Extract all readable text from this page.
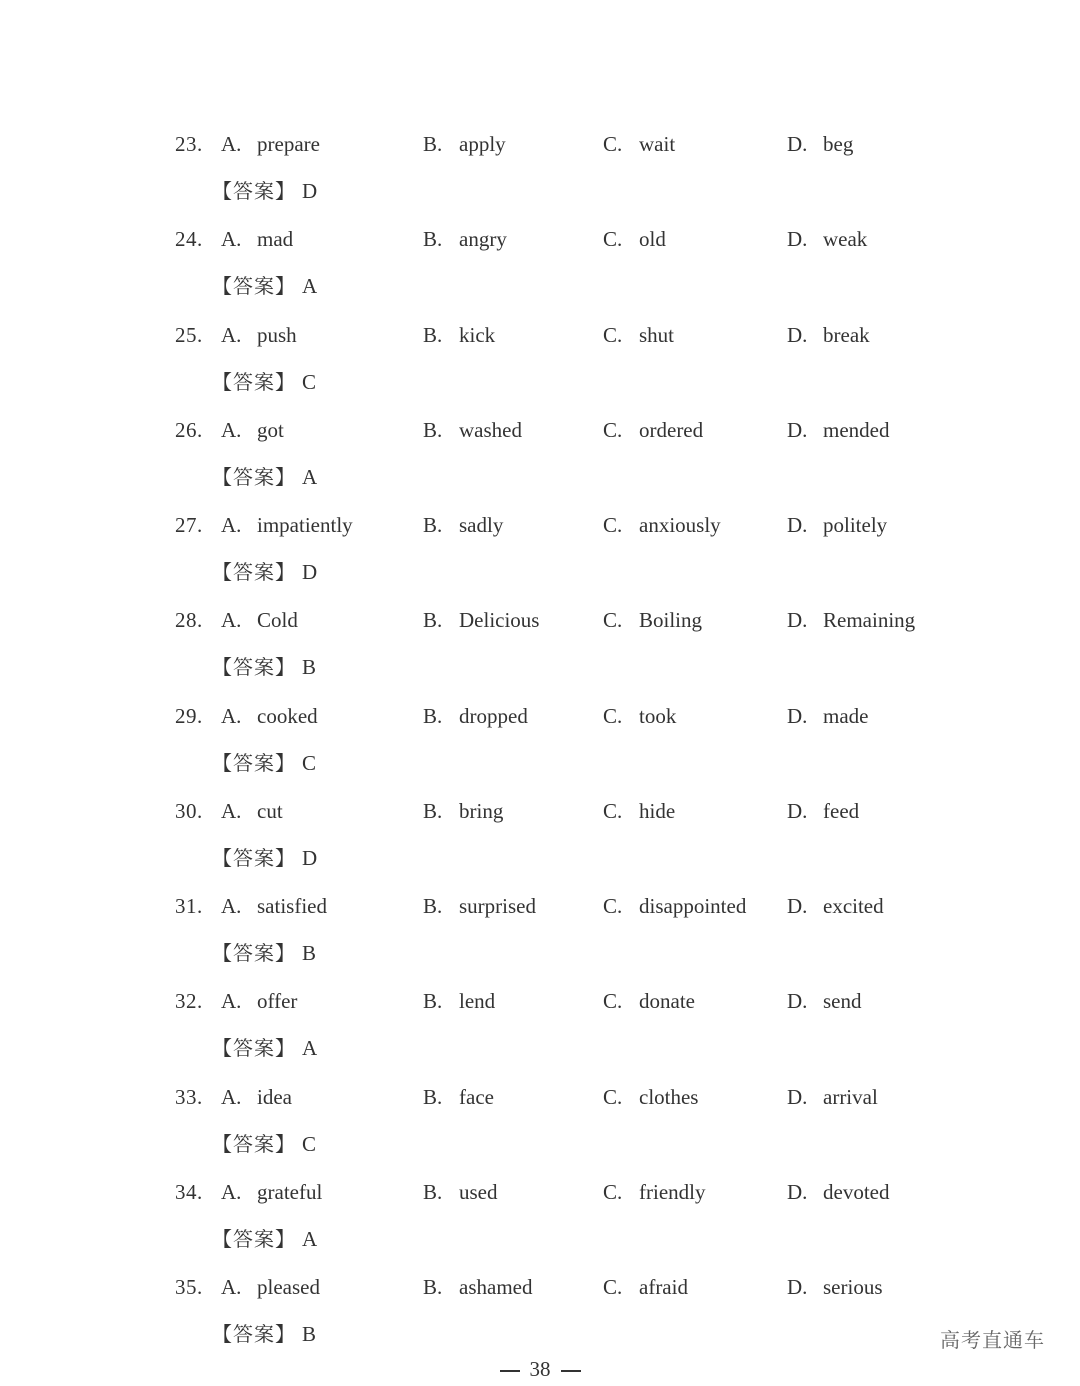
23. A. prepare	B. apply	C. wait	D. beg
【答案】 D
24. A. mad	B. angry	C. old	D. weak
【答案】 A
25. A. push	B. kick	C. shut	D. break
【答案】 C
26. A. got	B. washed	C. ordered	D. mended
【答案】 A
27. A. impatiently	B. sadly	C. anxiously	D. politely
【答案】 D
28. A. Cold	B. Delicious	C. Boiling	D. Remaining
【答案】 B
29. A. cooked	B. dropped	C. took	D. made
【答案】 C
30. A. cut	B. bring	C. hide	D. feed
【答案】 D
31. A. satisfied	B. surprised	C. disappointed D. excited
【答案】 B
32. A. offer	B. lend	C. donate	D. send
【答案】 A
33. A. idea	B. face	C. clothes	D. arrival
【答案】 C
34. A. grateful	B. used	C. friendly	D. devoted
【答案】 A
35. A. pleased	B. ashamed	C. afraid	D. serious
【答案】 B
38
高考直通车
